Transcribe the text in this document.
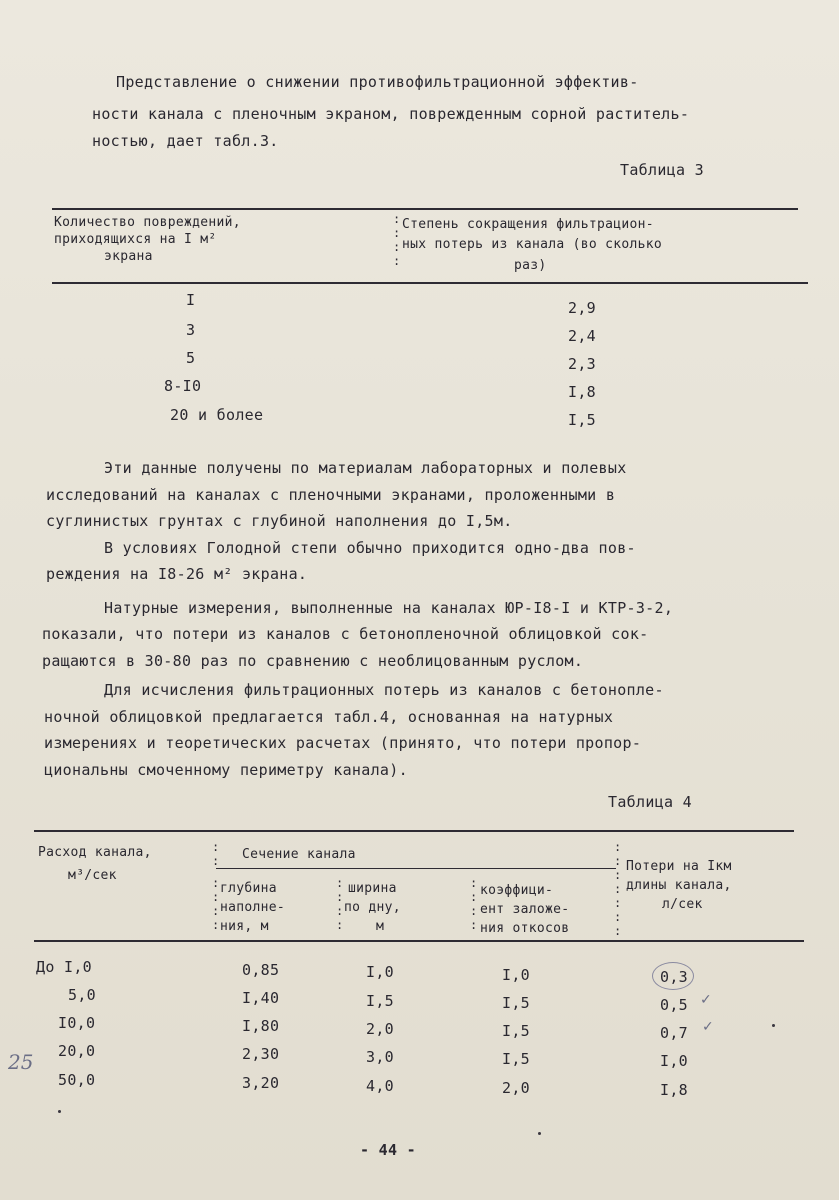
Представление о снижении противофильтрационной эффектив-
ности канала с пленочным экраном, поврежденным сорной раститель-
ностью, дает табл.3.
Таблица 3
Количество повреждений,
приходящихся на I м²
экрана
:
:
:
:
Степень сокращения фильтрацион-
ных потерь из канала (во сколько
раз)
I	2,9
3	2,4
5	2,3
8-I0	I,8
20 и более	I,5
Эти данные получены по материалам лабораторных и полевых
исследований на каналах с пленочными экранами, проложенными в
суглинистых грунтах с глубиной наполнения до I,5м.
В условиях Голодной степи обычно приходится одно-два пов-
реждения на I8-26 м² экрана.
Натурные измерения, выполненные на каналах ЮР-I8-I и КТР-3-2,
показали, что потери из каналов с бетонопленочной облицовкой сок-
ращаются в 30-80 раз по сравнению с необлицованным руслом.
Для исчисления фильтрационных потерь из каналов с бетонопле-
ночной облицовкой предлагается табл.4, основанная на натурных
измерениях и теоретических расчетах (принято, что потери пропор-
циональны смоченному периметру канала).
Таблица 4
Расход канала,
м³/сек
:
: Сечение канала
:
:
:
:
глубина
наполне-
ния, м
:
:
:
:
ширина
по дну,
м
:
:
:
:
коэффици-
ент заложе-
ния откосов
:
:
:
:
:
:
:
Потери на Iкм
длины канала,
л/сек
До I,0	0,85	I,0	I,0	0,3
5,0	I,40	I,5	I,5	0,5 ✓
I0,0	I,80	2,0	I,5	0,7 ✓
20,0	2,30	3,0	I,5	I,0
50,0	3,20	4,0	2,0	I,8
25
- 44 -
